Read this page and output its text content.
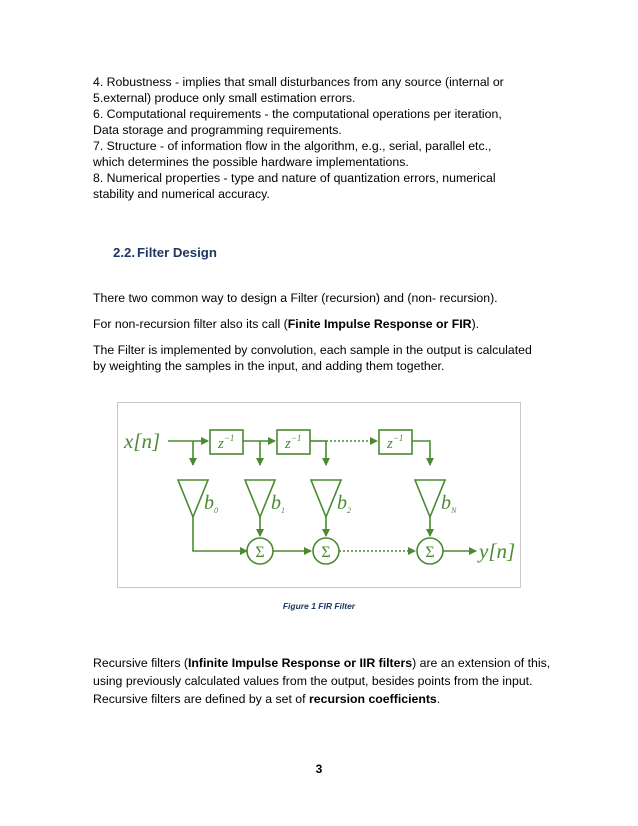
4. Robustness - implies that small disturbances from any source (internal or

5.external) produce only small estimation errors.

6. Computational requirements - the computational operations per iteration,

Data storage and programming requirements.

7. Structure - of information flow in the algorithm, e.g., serial, parallel etc.,

which determines the possible hardware implementations.

8. Numerical properties - type and nature of quantization errors, numerical

stability and numerical accuracy.

2.2. Filter Design

There two common way to design a Filter (recursion) and (non- recursion).

For non-recursion filter also its call (Finite Impulse Response or FIR).

The Filter is implemented by convolution, each sample in the output is calculated

by weighting the samples in the input, and adding them together.

x[n]	$z^{-1}$	$z^{-1}$	$z^{-1}$
$b_0$	$b_1$	$b_2$	$b_N$
Σ	Σ	Σ y[n]

Figure 1 FIR Filter

Recursive filters (Infinite Impulse Response or IIR filters) are an extension of this,

using previously calculated values from the output, besides points from the input.

Recursive filters are defined by a set of recursion coefficients.

3
